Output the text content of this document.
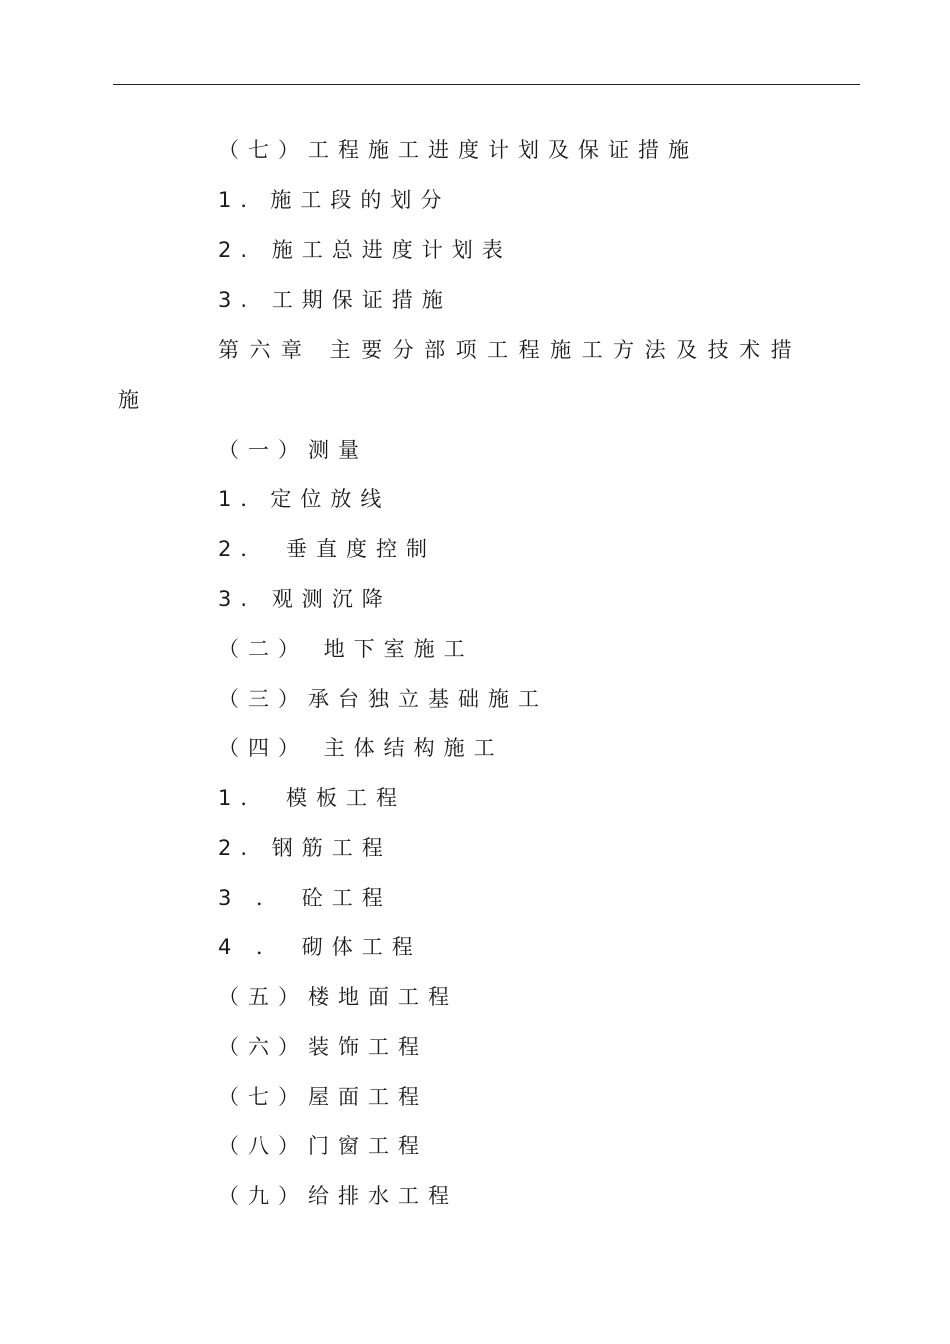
（七）工程施工进度计划及保证措施
1．施工段的划分
2. 施工总进度计划表
3. 工期保证措施
第六章 主要分部项工程施工方法及技术措
施
（一）测量
1．定位放线
2． 垂直度控制
3. 观测沉降
（二） 地下室施工
（三）承台独立基础施工
（四） 主体结构施工
1． 模板工程
2. 钢筋工程
3 ． 砼工程
4 ． 砌体工程
（五）楼地面工程
（六）装饰工程
（七）屋面工程
（八）门窗工程
（九）给排水工程
